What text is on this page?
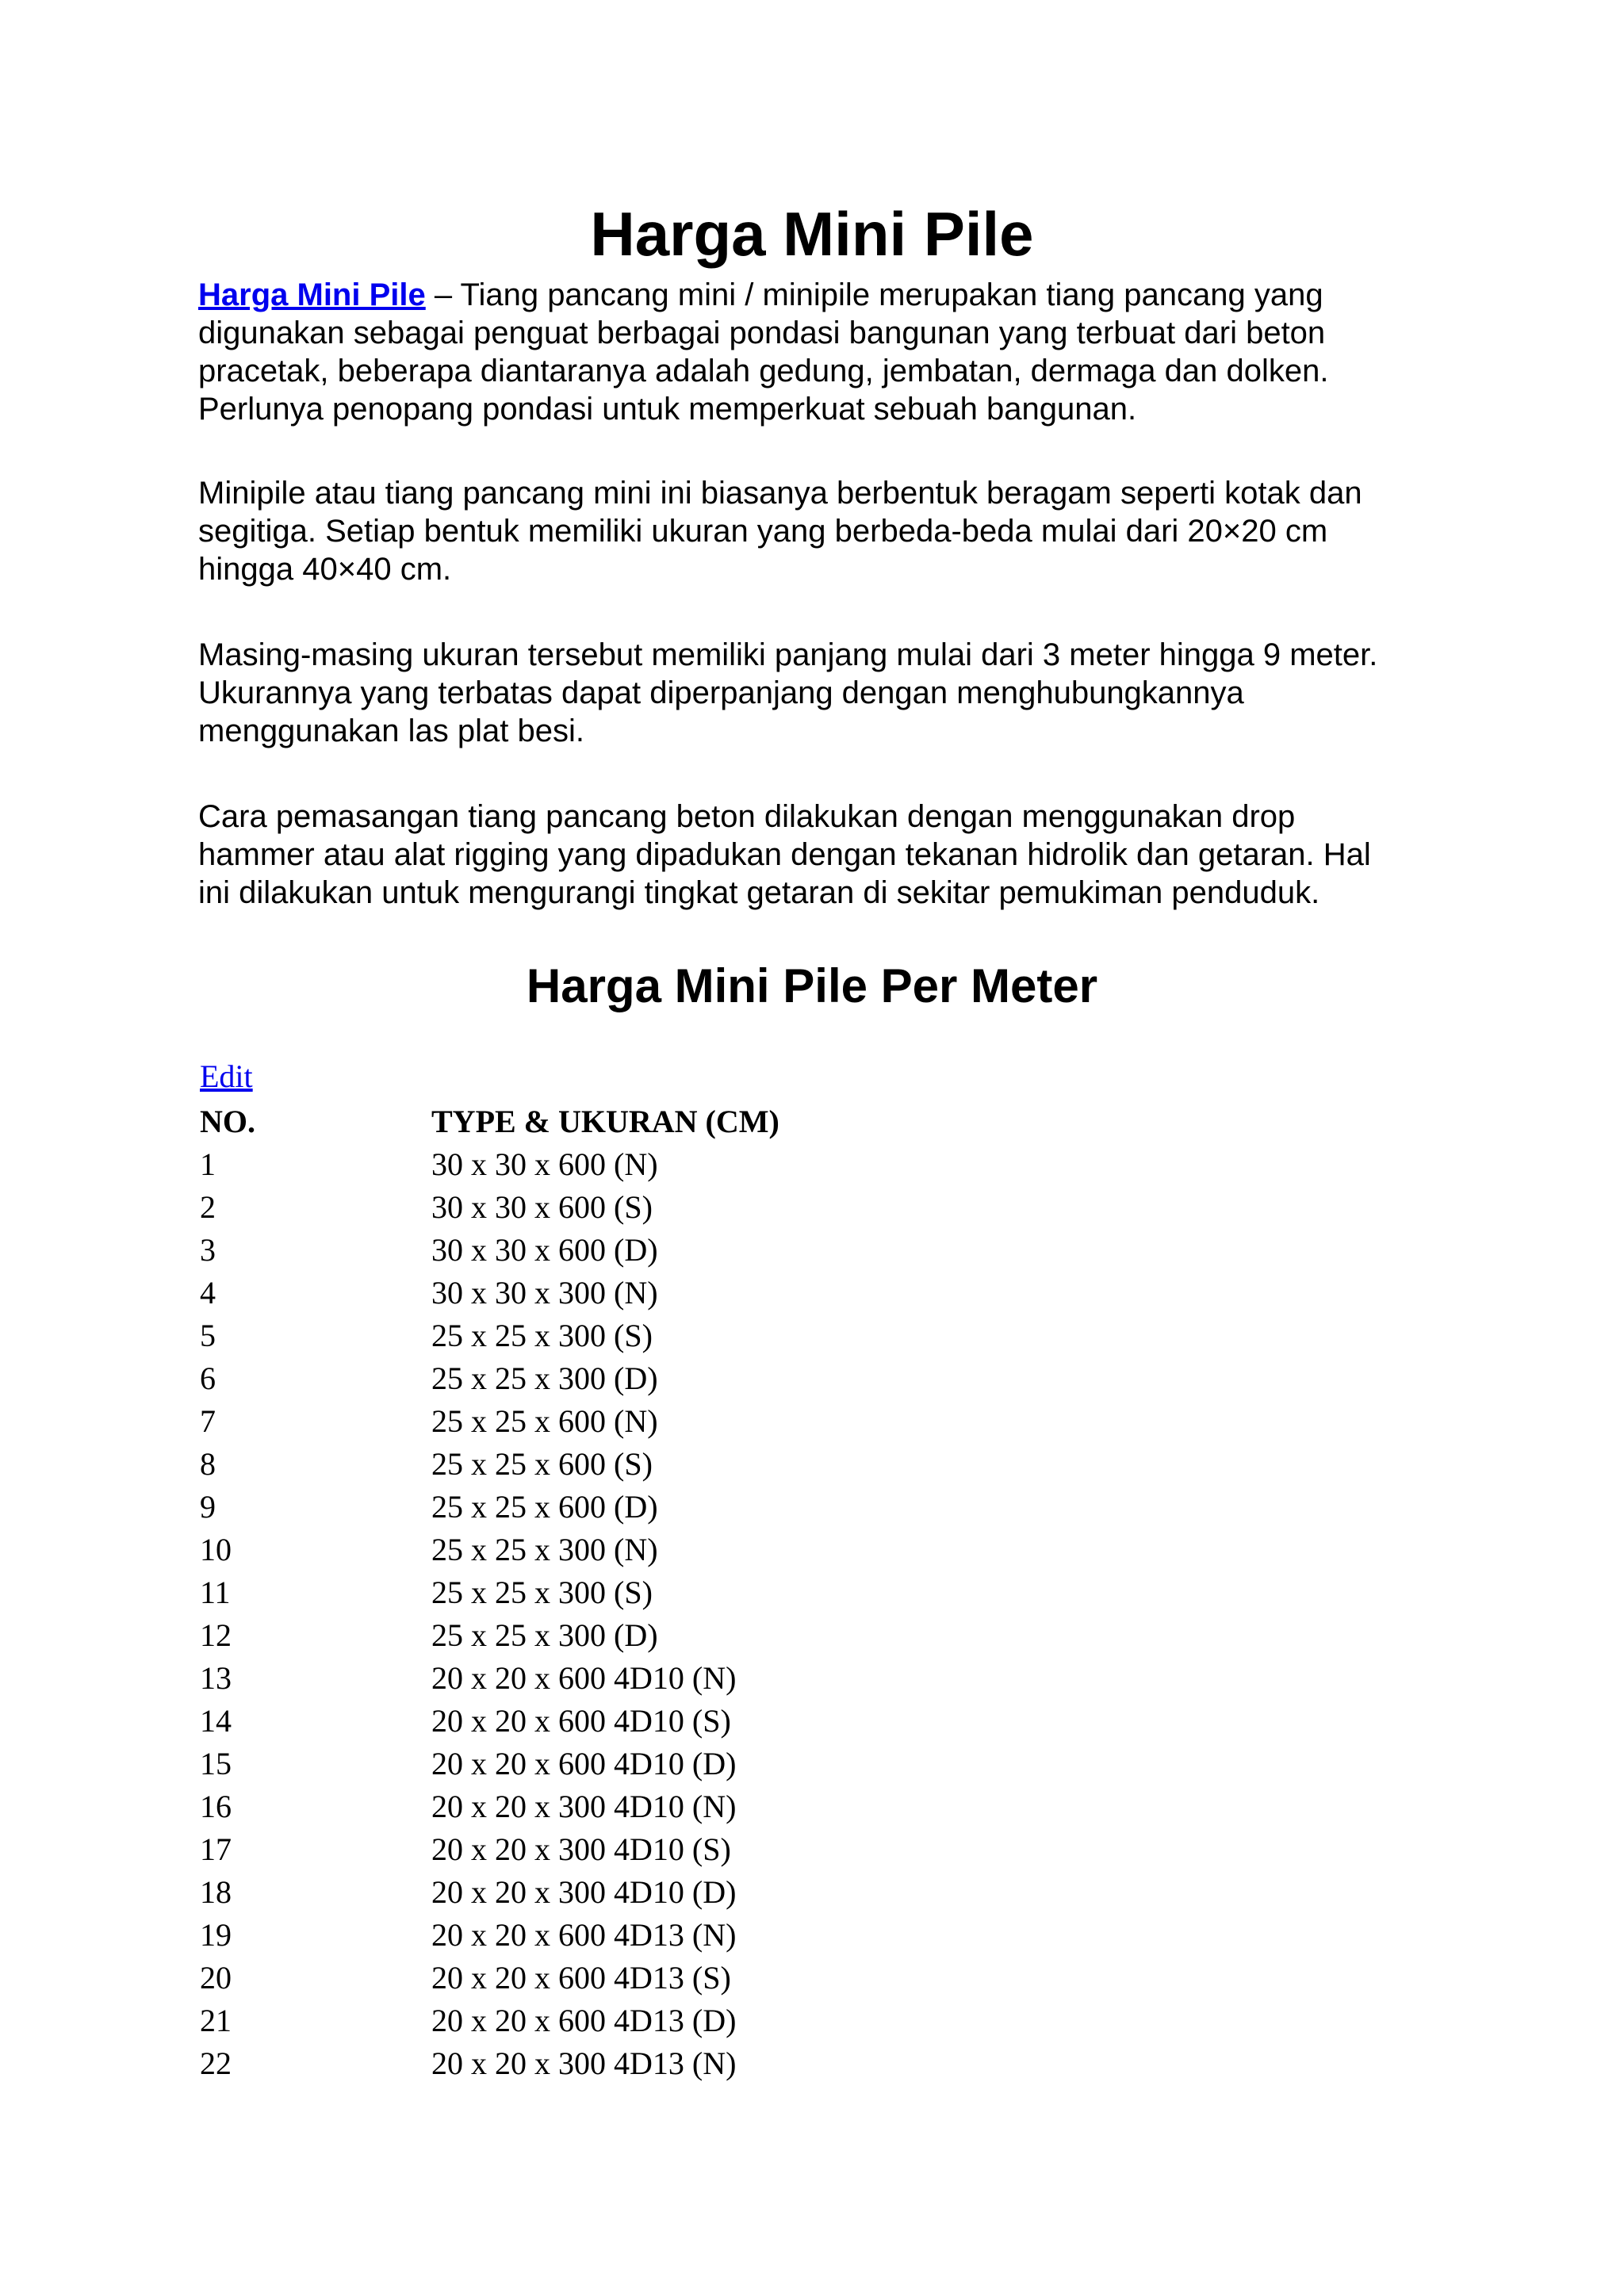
Harga Mini Pile

Harga Mini Pile – Tiang pancang mini / minipile merupakan tiang pancang yang
digunakan sebagai penguat berbagai pondasi bangunan yang terbuat dari beton
pracetak, beberapa diantaranya adalah gedung, jembatan, dermaga dan dolken.
Perlunya penopang pondasi untuk memperkuat sebuah bangunan.

Minipile atau tiang pancang mini ini biasanya berbentuk beragam seperti kotak dan
segitiga. Setiap bentuk memiliki ukuran yang berbeda-beda mulai dari 20×20 cm
hingga 40×40 cm.

Masing-masing ukuran tersebut memiliki panjang mulai dari 3 meter hingga 9 meter.
Ukurannya yang terbatas dapat diperpanjang dengan menghubungkannya
menggunakan las plat besi.

Cara pemasangan tiang pancang beton dilakukan dengan menggunakan drop
hammer atau alat rigging yang dipadukan dengan tekanan hidrolik dan getaran. Hal
ini dilakukan untuk mengurangi tingkat getaran di sekitar pemukiman penduduk.

Harga Mini Pile Per Meter
Edit
NO.	TYPE & UKURAN (CM)
1	30 x 30 x 600 (N)
2	30 x 30 x 600 (S)
3	30 x 30 x 600 (D)
4	30 x 30 x 300 (N)
5	25 x 25 x 300 (S)
6	25 x 25 x 300 (D)
7	25 x 25 x 600 (N)
8	25 x 25 x 600 (S)
9	25 x 25 x 600 (D)
10	25 x 25 x 300 (N)
11	25 x 25 x 300 (S)
12	25 x 25 x 300 (D)
13	20 x 20 x 600 4D10 (N)
14	20 x 20 x 600 4D10 (S)
15	20 x 20 x 600 4D10 (D)
16	20 x 20 x 300 4D10 (N)
17	20 x 20 x 300 4D10 (S)
18	20 x 20 x 300 4D10 (D)
19	20 x 20 x 600 4D13 (N)
20	20 x 20 x 600 4D13 (S)
21	20 x 20 x 600 4D13 (D)
22	20 x 20 x 300 4D13 (N)
